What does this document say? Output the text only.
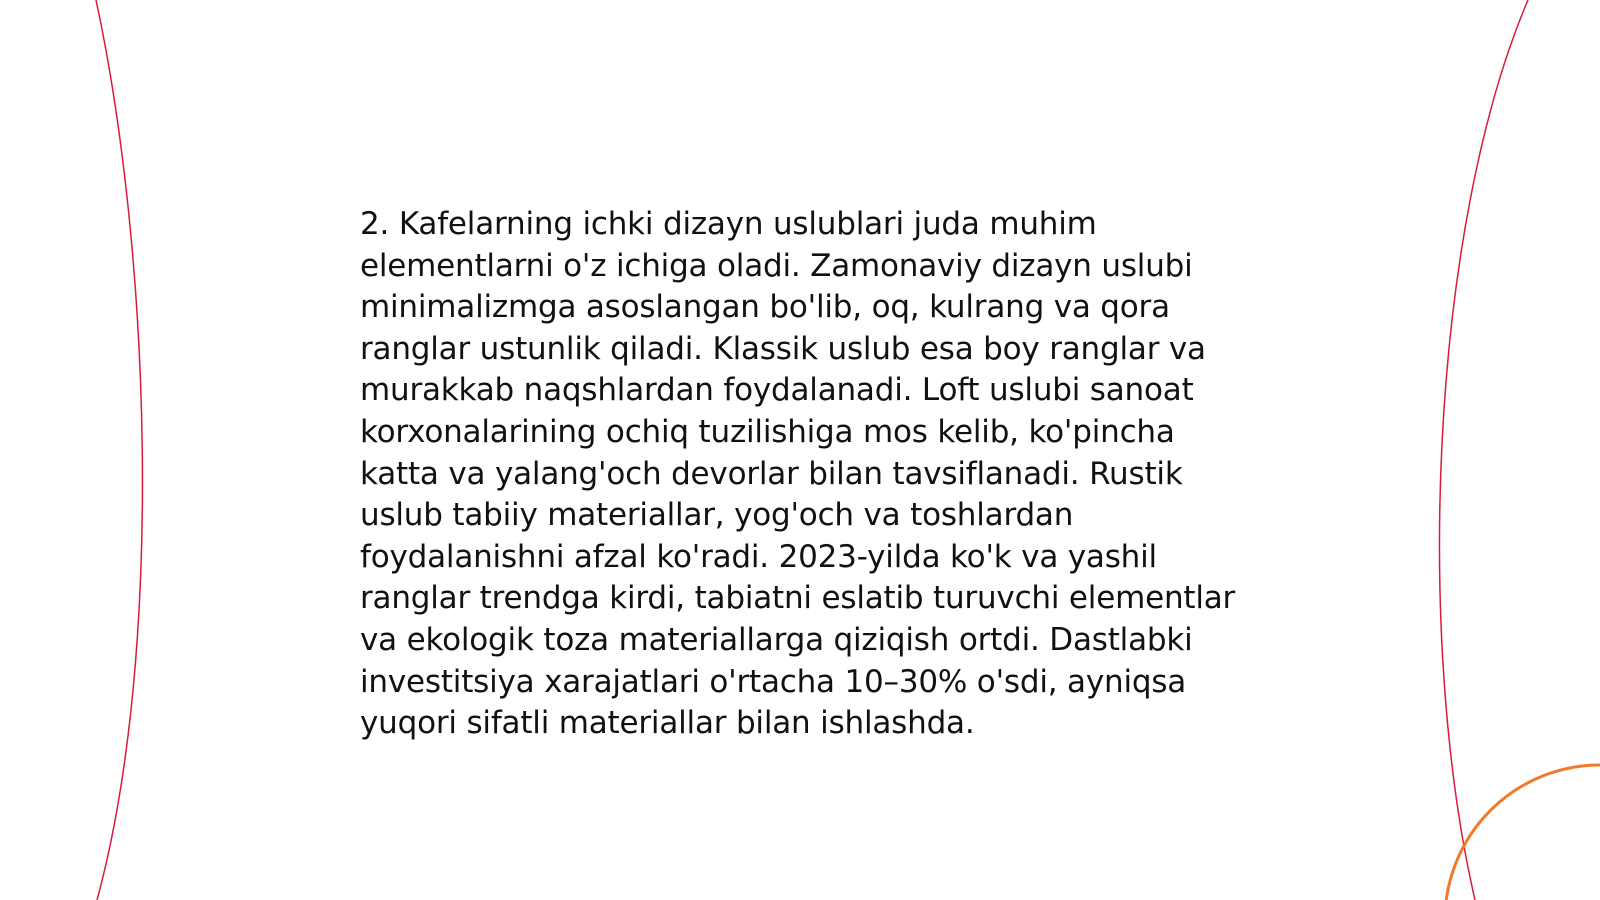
2. Kafelarning ichki dizayn uslublari juda muhim elementlarni o'z ichiga oladi. Zamonaviy dizayn uslubi minimalizmga asoslangan bo'lib, oq, kulrang va qora ranglar ustunlik qiladi. Klassik uslub esa boy ranglar va murakkab naqshlardan foydalanadi. Loft uslubi sanoat korxonalarining ochiq tuzilishiga mos kelib, ko'pincha katta va yalang'och devorlar bilan tavsiflanadi. Rustik uslub tabiiy materiallar, yog'och va toshlardan foydalanishni afzal ko'radi. 2023-yilda ko'k va yashil ranglar trendga kirdi, tabiatni eslatib turuvchi elementlar va ekologik toza materiallarga qiziqish ortdi. Dastlabki investitsiya xarajatlari o'rtacha 10–30% o'sdi, ayniqsa yuqori sifatli materiallar bilan ishlashda.
